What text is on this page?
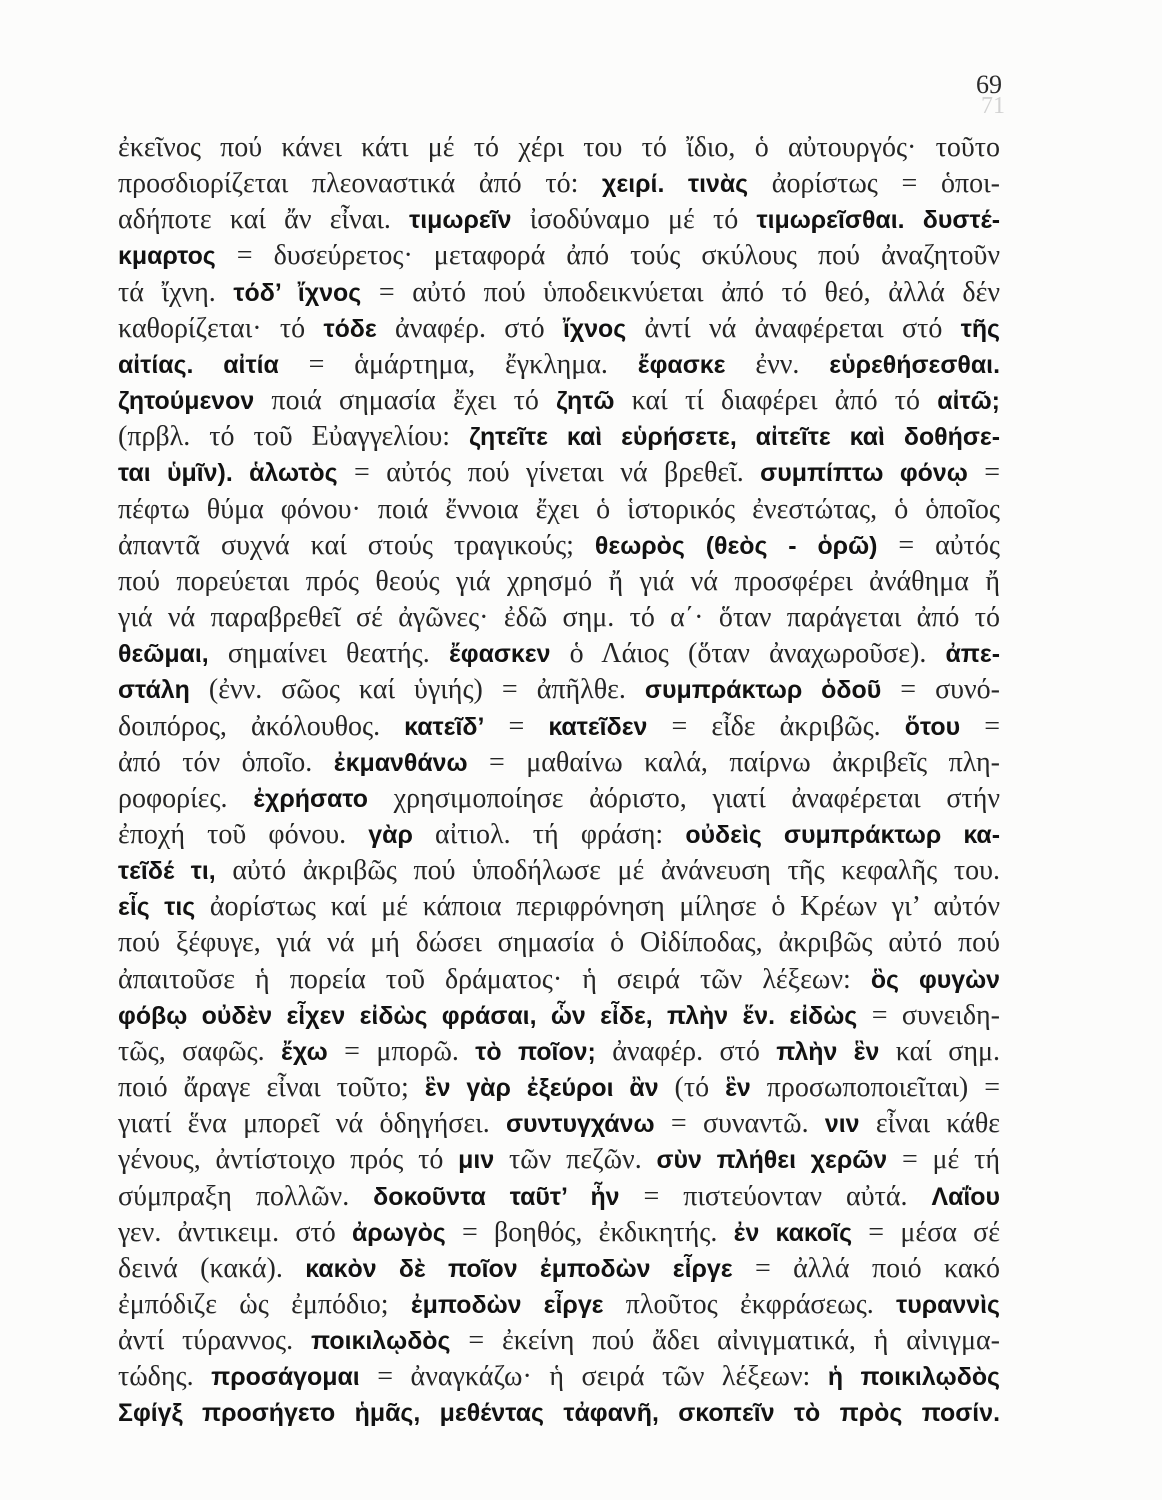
69
71
ἐκεῖνος πού κάνει κάτι μέ τό χέρι του τό ἴδιο, ὁ αὐτουργός· τοῦτο
προσδιορίζεται πλεοναστικά ἀπό τό: χειρί. τινὰς ἀορίστως = ὁποι-
αδήποτε καί ἄν εἶναι. τιμωρεῖν ἰσοδύναμο μέ τό τιμωρεῖσθαι. δυστέ-
κμαρτος = δυσεύρετος· μεταφορά ἀπό τούς σκύλους πού ἀναζητοῦν
τά ἴχνη. τόδ’ ἴχνος = αὐτό πού ὑποδεικνύεται ἀπό τό θεό, ἀλλά δέν
καθορίζεται· τό τόδε ἀναφέρ. στό ἴχνος ἀντί νά ἀναφέρεται στό τῆς
αἰτίας. αἰτία = ἁμάρτημα, ἔγκλημα. ἔφασκε ἐνν. εὑρεθήσεσθαι.
ζητούμενον ποιά σημασία ἔχει τό ζητῶ καί τί διαφέρει ἀπό τό αἰτῶ;
(πρβλ. τό τοῦ Εὐαγγελίου: ζητεῖτε καὶ εὑρήσετε, αἰτεῖτε καὶ δοθήσε-
ται ὑμῖν). ἁλωτὸς = αὐτός πού γίνεται νά βρεθεῖ. συμπίπτω φόνῳ =
πέφτω θύμα φόνου· ποιά ἔννοια ἔχει ὁ ἱστορικός ἐνεστώτας, ὁ ὁποῖος
ἀπαντᾶ συχνά καί στούς τραγικούς; θεωρὸς (θεὸς - ὁρῶ) = αὐτός
πού πορεύεται πρός θεούς γιά χρησμό ἤ γιά νά προσφέρει ἀνάθημα ἤ
γιά νά παραβρεθεῖ σέ ἀγῶνες· ἐδῶ σημ. τό α΄· ὅταν παράγεται ἀπό τό
θεῶμαι, σημαίνει θεατής. ἔφασκεν ὁ Λάιος (ὅταν ἀναχωροῦσε). ἀπε-
στάλη (ἐνν. σῶος καί ὑγιής) = ἀπῆλθε. συμπράκτωρ ὁδοῦ = συνό-
δοιπόρος, ἀκόλουθος. κατεῖδ’ = κατεῖδεν = εἶδε ἀκριβῶς. ὅτου =
ἀπό τόν ὁποῖο. ἐκμανθάνω = μαθαίνω καλά, παίρνω ἀκριβεῖς πλη-
ροφορίες. ἐχρήσατο χρησιμοποίησε ἀόριστο, γιατί ἀναφέρεται στήν
ἐποχή τοῦ φόνου. γὰρ αἰτιολ. τή φράση: οὐδεὶς συμπράκτωρ κα-
τεῖδέ τι, αὐτό ἀκριβῶς πού ὑποδήλωσε μέ ἀνάνευση τῆς κεφαλῆς του.
εἷς τις ἀορίστως καί μέ κάποια περιφρόνηση μίλησε ὁ Κρέων γι’ αὐτόν
πού ξέφυγε, γιά νά μή δώσει σημασία ὁ Οἰδίποδας, ἀκριβῶς αὐτό πού
ἀπαιτοῦσε ἡ πορεία τοῦ δράματος· ἡ σειρά τῶν λέξεων: ὃς φυγὼν
φόβῳ οὐδὲν εἶχεν εἰδὼς φράσαι, ὧν εἶδε, πλὴν ἕν. εἰδὼς = συνειδη-
τῶς, σαφῶς. ἔχω = μπορῶ. τὸ ποῖον; ἀναφέρ. στό πλὴν ἓν καί σημ.
ποιό ἄραγε εἶναι τοῦτο; ἓν γὰρ ἐξεύροι ἂν (τό ἓν προσωποποιεῖται) =
γιατί ἕνα μπορεῖ νά ὁδηγήσει. συντυγχάνω = συναντῶ. νιν εἶναι κάθε
γένους, ἀντίστοιχο πρός τό μιν τῶν πεζῶν. σὺν πλήθει χερῶν = μέ τή
σύμπραξη πολλῶν. δοκοῦντα ταῦτ’ ἦν = πιστεύονταν αὐτά. Λαΐου
γεν. ἀντικειμ. στό ἀρωγὸς = βοηθός, ἐκδικητής. ἐν κακοῖς = μέσα σέ
δεινά (κακά). κακὸν δὲ ποῖον ἐμποδὼν εἶργε = ἀλλά ποιό κακό
ἐμπόδιζε ὡς ἐμπόδιο; ἐμποδὼν εἶργε πλοῦτος ἐκφράσεως. τυραννὶς
ἀντί τύραννος. ποικιλῳδὸς = ἐκείνη πού ἄδει αἰνιγματικά, ἡ αἰνιγμα-
τώδης. προσάγομαι = ἀναγκάζω· ἡ σειρά τῶν λέξεων: ἡ ποικιλῳδὸς
Σφίγξ προσήγετο ἡμᾶς, μεθέντας τἀφανῆ, σκοπεῖν τὸ πρὸς ποσίν.
